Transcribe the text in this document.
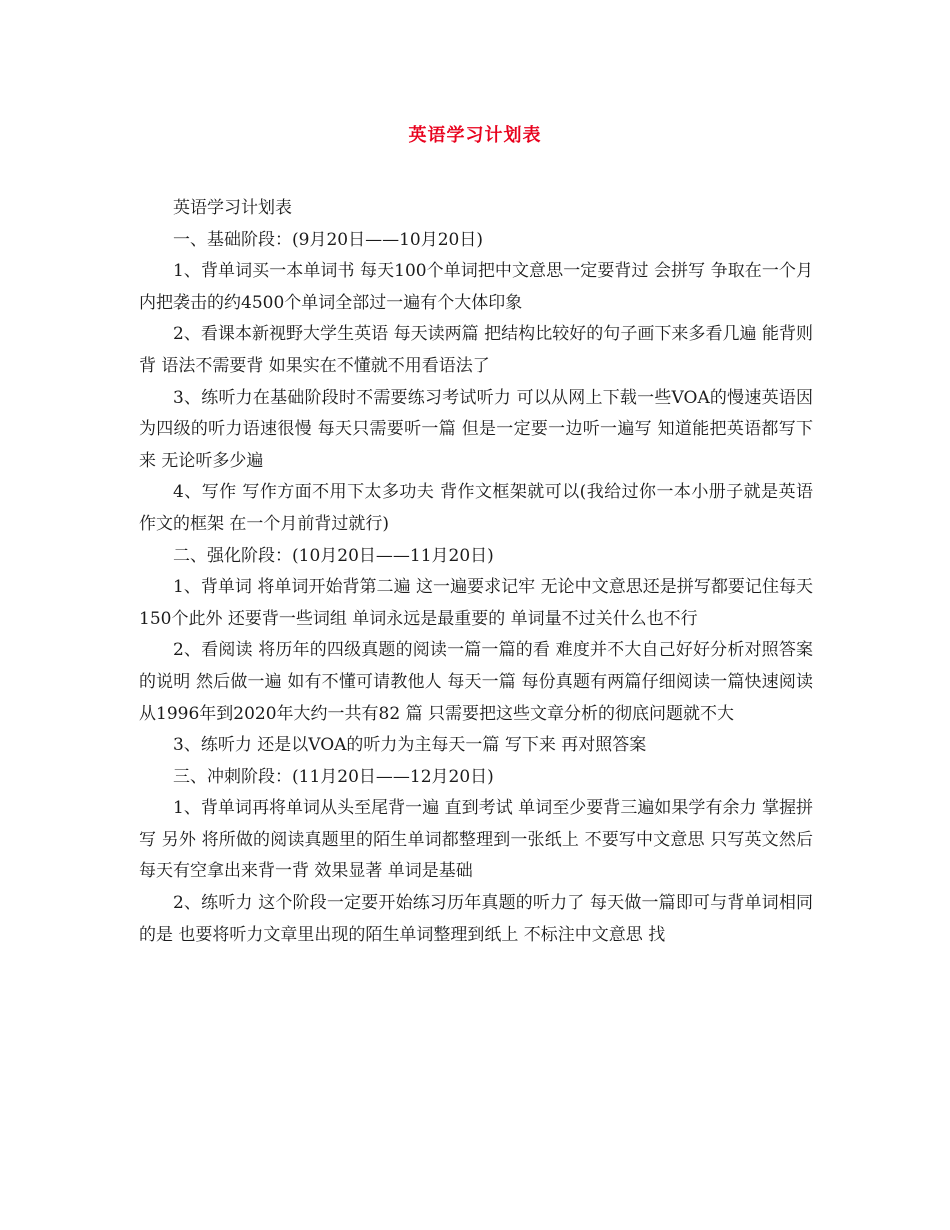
英语学习计划表

英语学习计划表

一、基础阶段：(9月20日——10月20日)

1、背单词买一本单词书 每天100个单词把中文意思一定要背过 会拼写 争取在一个月内把袭击的约4500个单词全部过一遍有个大体印象

2、看课本新视野大学生英语 每天读两篇 把结构比较好的句子画下来多看几遍 能背则背 语法不需要背 如果实在不懂就不用看语法了

3、练听力在基础阶段时不需要练习考试听力 可以从网上下载一些VOA的慢速英语因为四级的听力语速很慢 每天只需要听一篇 但是一定要一边听一遍写 知道能把英语都写下来 无论听多少遍

4、写作 写作方面不用下太多功夫 背作文框架就可以(我给过你一本小册子就是英语作文的框架 在一个月前背过就行)

二、强化阶段：(10月20日——11月20日)

1、背单词 将单词开始背第二遍 这一遍要求记牢 无论中文意思还是拼写都要记住每天150个此外 还要背一些词组 单词永远是最重要的 单词量不过关什么也不行

2、看阅读 将历年的四级真题的阅读一篇一篇的看 难度并不大自己好好分析对照答案的说明 然后做一遍 如有不懂可请教他人 每天一篇 每份真题有两篇仔细阅读一篇快速阅读 从1996年到2020年大约一共有82 篇 只需要把这些文章分析的彻底问题就不大

3、练听力 还是以VOA的听力为主每天一篇 写下来 再对照答案

三、冲刺阶段：(11月20日——12月20日)

1、背单词再将单词从头至尾背一遍 直到考试 单词至少要背三遍如果学有余力 掌握拼写 另外 将所做的阅读真题里的陌生单词都整理到一张纸上 不要写中文意思 只写英文然后每天有空拿出来背一背 效果显著 单词是基础

2、练听力 这个阶段一定要开始练习历年真题的听力了 每天做一篇即可与背单词相同的是 也要将听力文章里出现的陌生单词整理到纸上 不标注中文意思 找
